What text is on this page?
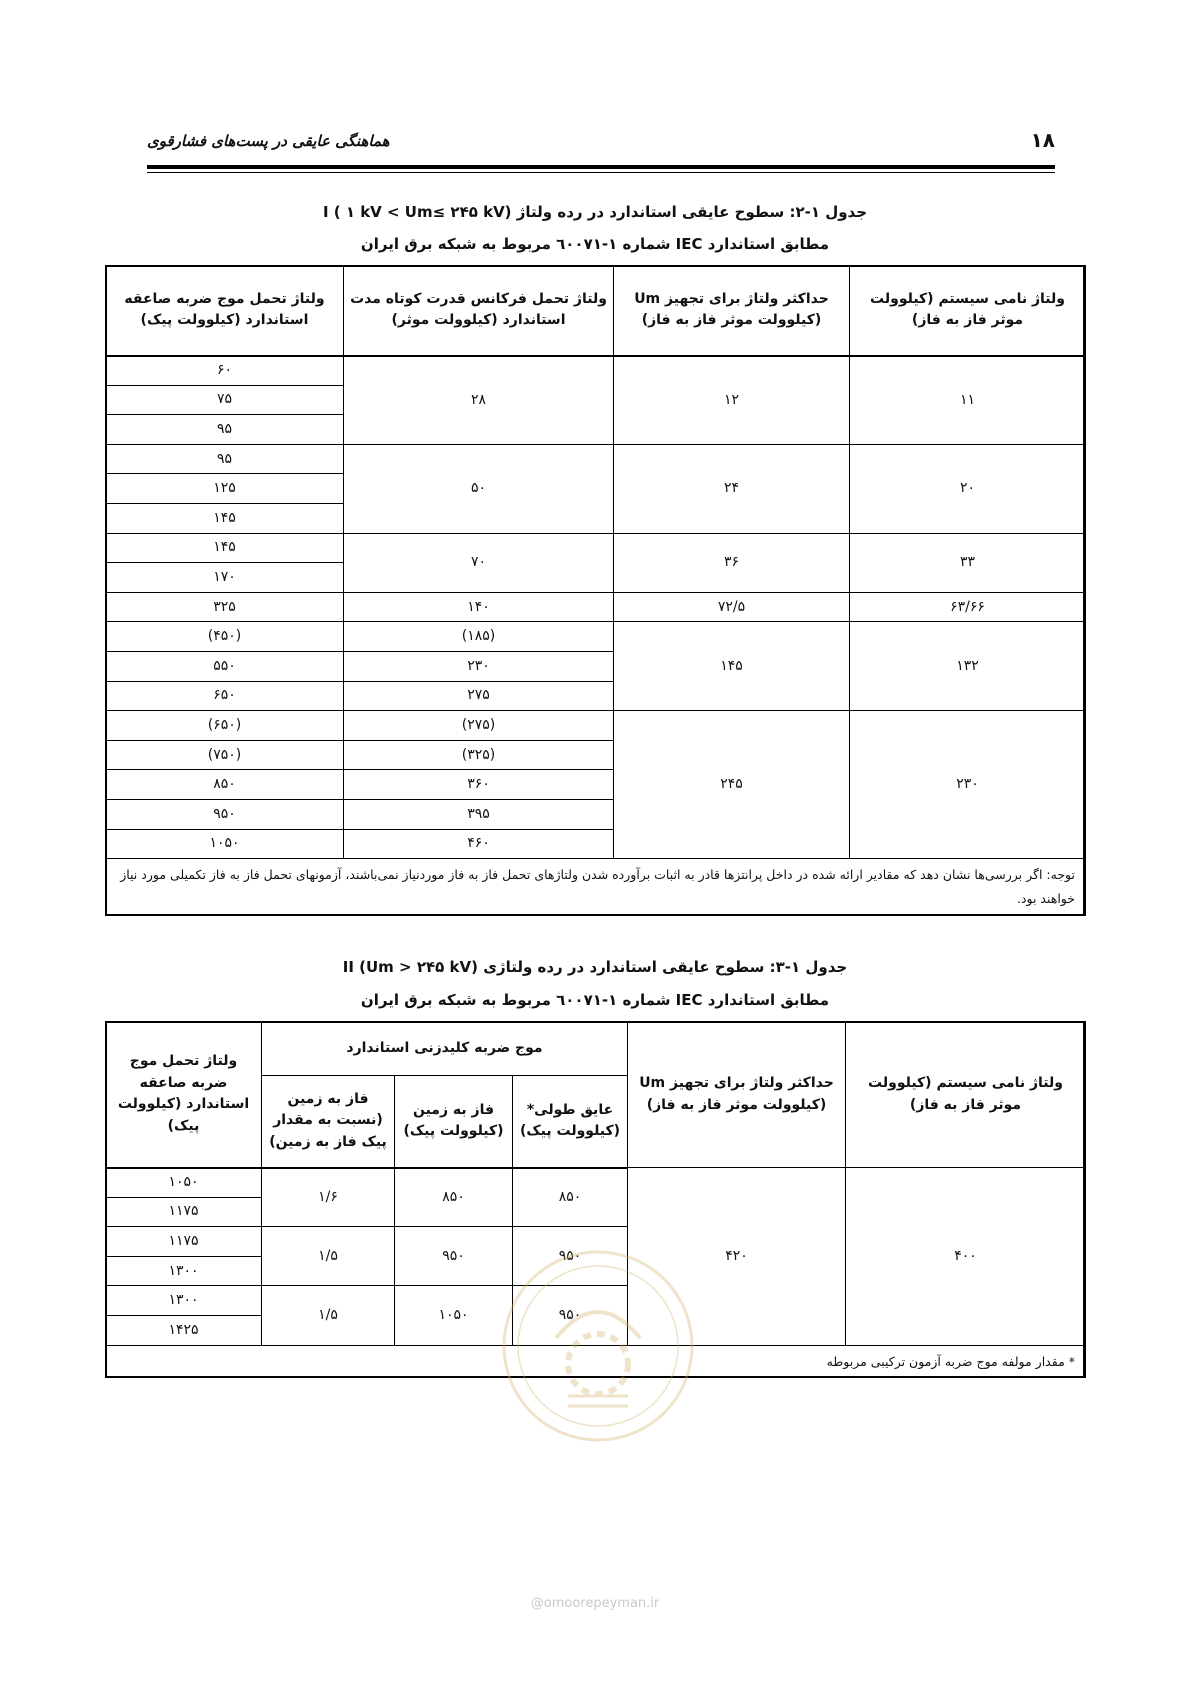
۱۸
هماهنگی عایقی در پست‌های فشارقوی
جدول ۱-۲: سطوح عایقی استاندارد در رده ولتاژ I ( ۱ kV < Um≤ ۲۴۵ kV)
مطابق استاندارد IEC شماره ۱-٦۰۰۷۱ مربوط به شبکه برق ایران
ولتاژ نامی سیستم (کیلوولت موثر فاز به فاز)	حداکثر ولتاژ برای تجهیز Um (کیلوولت موثر فاز به فاز)	ولتاژ تحمل فرکانس قدرت کوتاه مدت استاندارد (کیلوولت موثر)	ولتاژ تحمل موج ضربه صاعقه استاندارد (کیلوولت پیک)
۱۱	۱۲	۲۸	۶۰
			۷۵
			۹۵
۲۰	۲۴	۵۰	۹۵
			۱۲۵
			۱۴۵
۳۳	۳۶	۷۰	۱۴۵
			۱۷۰
۶۳/۶۶	۷۲/۵	۱۴۰	۳۲۵
۱۳۲	۱۴۵	(۱۸۵)	(۴۵۰)
		۲۳۰	۵۵۰
		۲۷۵	۶۵۰
۲۳۰	۲۴۵	(۲۷۵)	(۶۵۰)
		(۳۲۵)	(۷۵۰)
		۳۶۰	۸۵۰
		۳۹۵	۹۵۰
		۴۶۰	۱۰۵۰
توجه: اگر بررسی‌ها نشان دهد که مقادیر ارائه شده در داخل پرانتزها قادر به اثبات برآورده شدن ولتاژهای تحمل فاز به فاز موردنیاز نمی‌باشند، آزمونهای تحمل فاز به فاز تکمیلی مورد نیاز خواهند بود.			
جدول ۱-۳: سطوح عایقی استاندارد در رده ولتاژی II (Um > ۲۴۵ kV)
مطابق استاندارد IEC شماره ۱-٦۰۰۷۱ مربوط به شبکه برق ایران
ولتاژ نامی سیستم (کیلوولت موثر فاز به فاز)	حداکثر ولتاژ برای تجهیز Um (کیلوولت موثر فاز به فاز)	موج ضربه کلیدزنی استاندارد			ولتاژ تحمل موج ضربه صاعقه استاندارد (کیلوولت پیک)
		عایق طولی* (کیلوولت پیک)	فاز به زمین (کیلوولت پیک)	فاز به زمین (نسبت به مقدار پیک فاز به زمین)	
۴۰۰	۴۲۰	۸۵۰	۸۵۰	۱/۶	۱۰۵۰
					۱۱۷۵
		۹۵۰	۹۵۰	۱/۵	۱۱۷۵
					۱۳۰۰
		۹۵۰	۱۰۵۰	۱/۵	۱۳۰۰
					۱۴۲۵
* مقدار مولفه موج ضربه آزمون ترکیبی مربوطه					
@omoorepeyman.ir
